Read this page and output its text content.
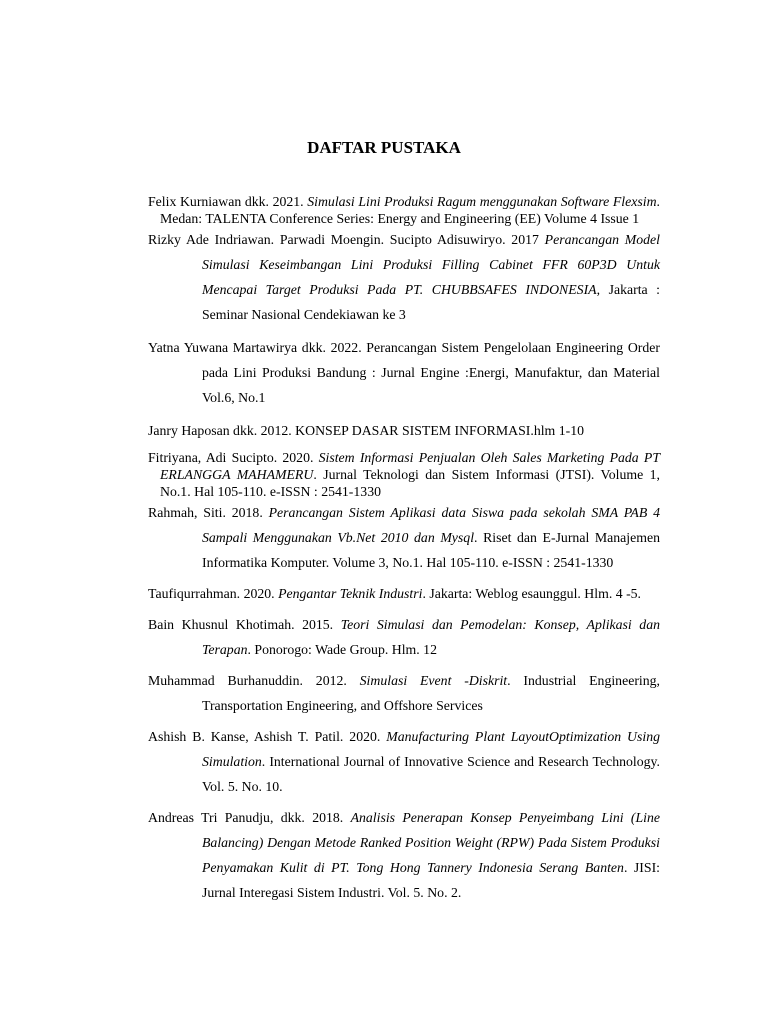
DAFTAR PUSTAKA
Felix Kurniawan dkk. 2021. Simulasi Lini Produksi Ragum menggunakan Software Flexsim. Medan: TALENTA Conference Series: Energy and Engineering (EE) Volume 4 Issue 1
Rizky Ade Indriawan. Parwadi Moengin. Sucipto Adisuwiryo. 2017 Perancangan Model Simulasi Keseimbangan Lini Produksi Filling Cabinet FFR 60P3D Untuk Mencapai Target Produksi Pada PT. CHUBBSAFES INDONESIA, Jakarta : Seminar Nasional Cendekiawan ke 3
Yatna Yuwana Martawirya dkk. 2022. Perancangan Sistem Pengelolaan Engineering Order pada Lini Produksi Bandung : Jurnal Engine :Energi, Manufaktur, dan Material Vol.6, No.1
Janry Haposan dkk. 2012. KONSEP DASAR SISTEM INFORMASI.hlm 1-10
Fitriyana, Adi Sucipto. 2020. Sistem Informasi Penjualan Oleh Sales Marketing Pada PT ERLANGGA MAHAMERU. Jurnal Teknologi dan Sistem Informasi (JTSI). Volume 1, No.1. Hal 105-110. e-ISSN : 2541-1330
Rahmah, Siti. 2018. Perancangan Sistem Aplikasi data Siswa pada sekolah SMA PAB 4 Sampali Menggunakan Vb.Net 2010 dan Mysql. Riset dan E-Jurnal Manajemen Informatika Komputer. Volume 3, No.1. Hal 105-110. e-ISSN : 2541-1330
Taufiqurrahman. 2020. Pengantar Teknik Industri. Jakarta: Weblog esaunggul. Hlm. 4 -5.
Bain Khusnul Khotimah. 2015. Teori Simulasi dan Pemodelan: Konsep, Aplikasi dan Terapan. Ponorogo: Wade Group. Hlm. 12
Muhammad Burhanuddin. 2012. Simulasi Event -Diskrit. Industrial Engineering, Transportation Engineering, and Offshore Services
Ashish B. Kanse, Ashish T. Patil. 2020. Manufacturing Plant LayoutOptimization Using Simulation. International Journal of Innovative Science and Research Technology. Vol. 5. No. 10.
Andreas Tri Panudju, dkk. 2018. Analisis Penerapan Konsep Penyeimbang Lini (Line Balancing) Dengan Metode Ranked Position Weight (RPW) Pada Sistem Produksi Penyamakan Kulit di PT. Tong Hong Tannery Indonesia Serang Banten. JISI: Jurnal Interegasi Sistem Industri. Vol. 5. No. 2.
